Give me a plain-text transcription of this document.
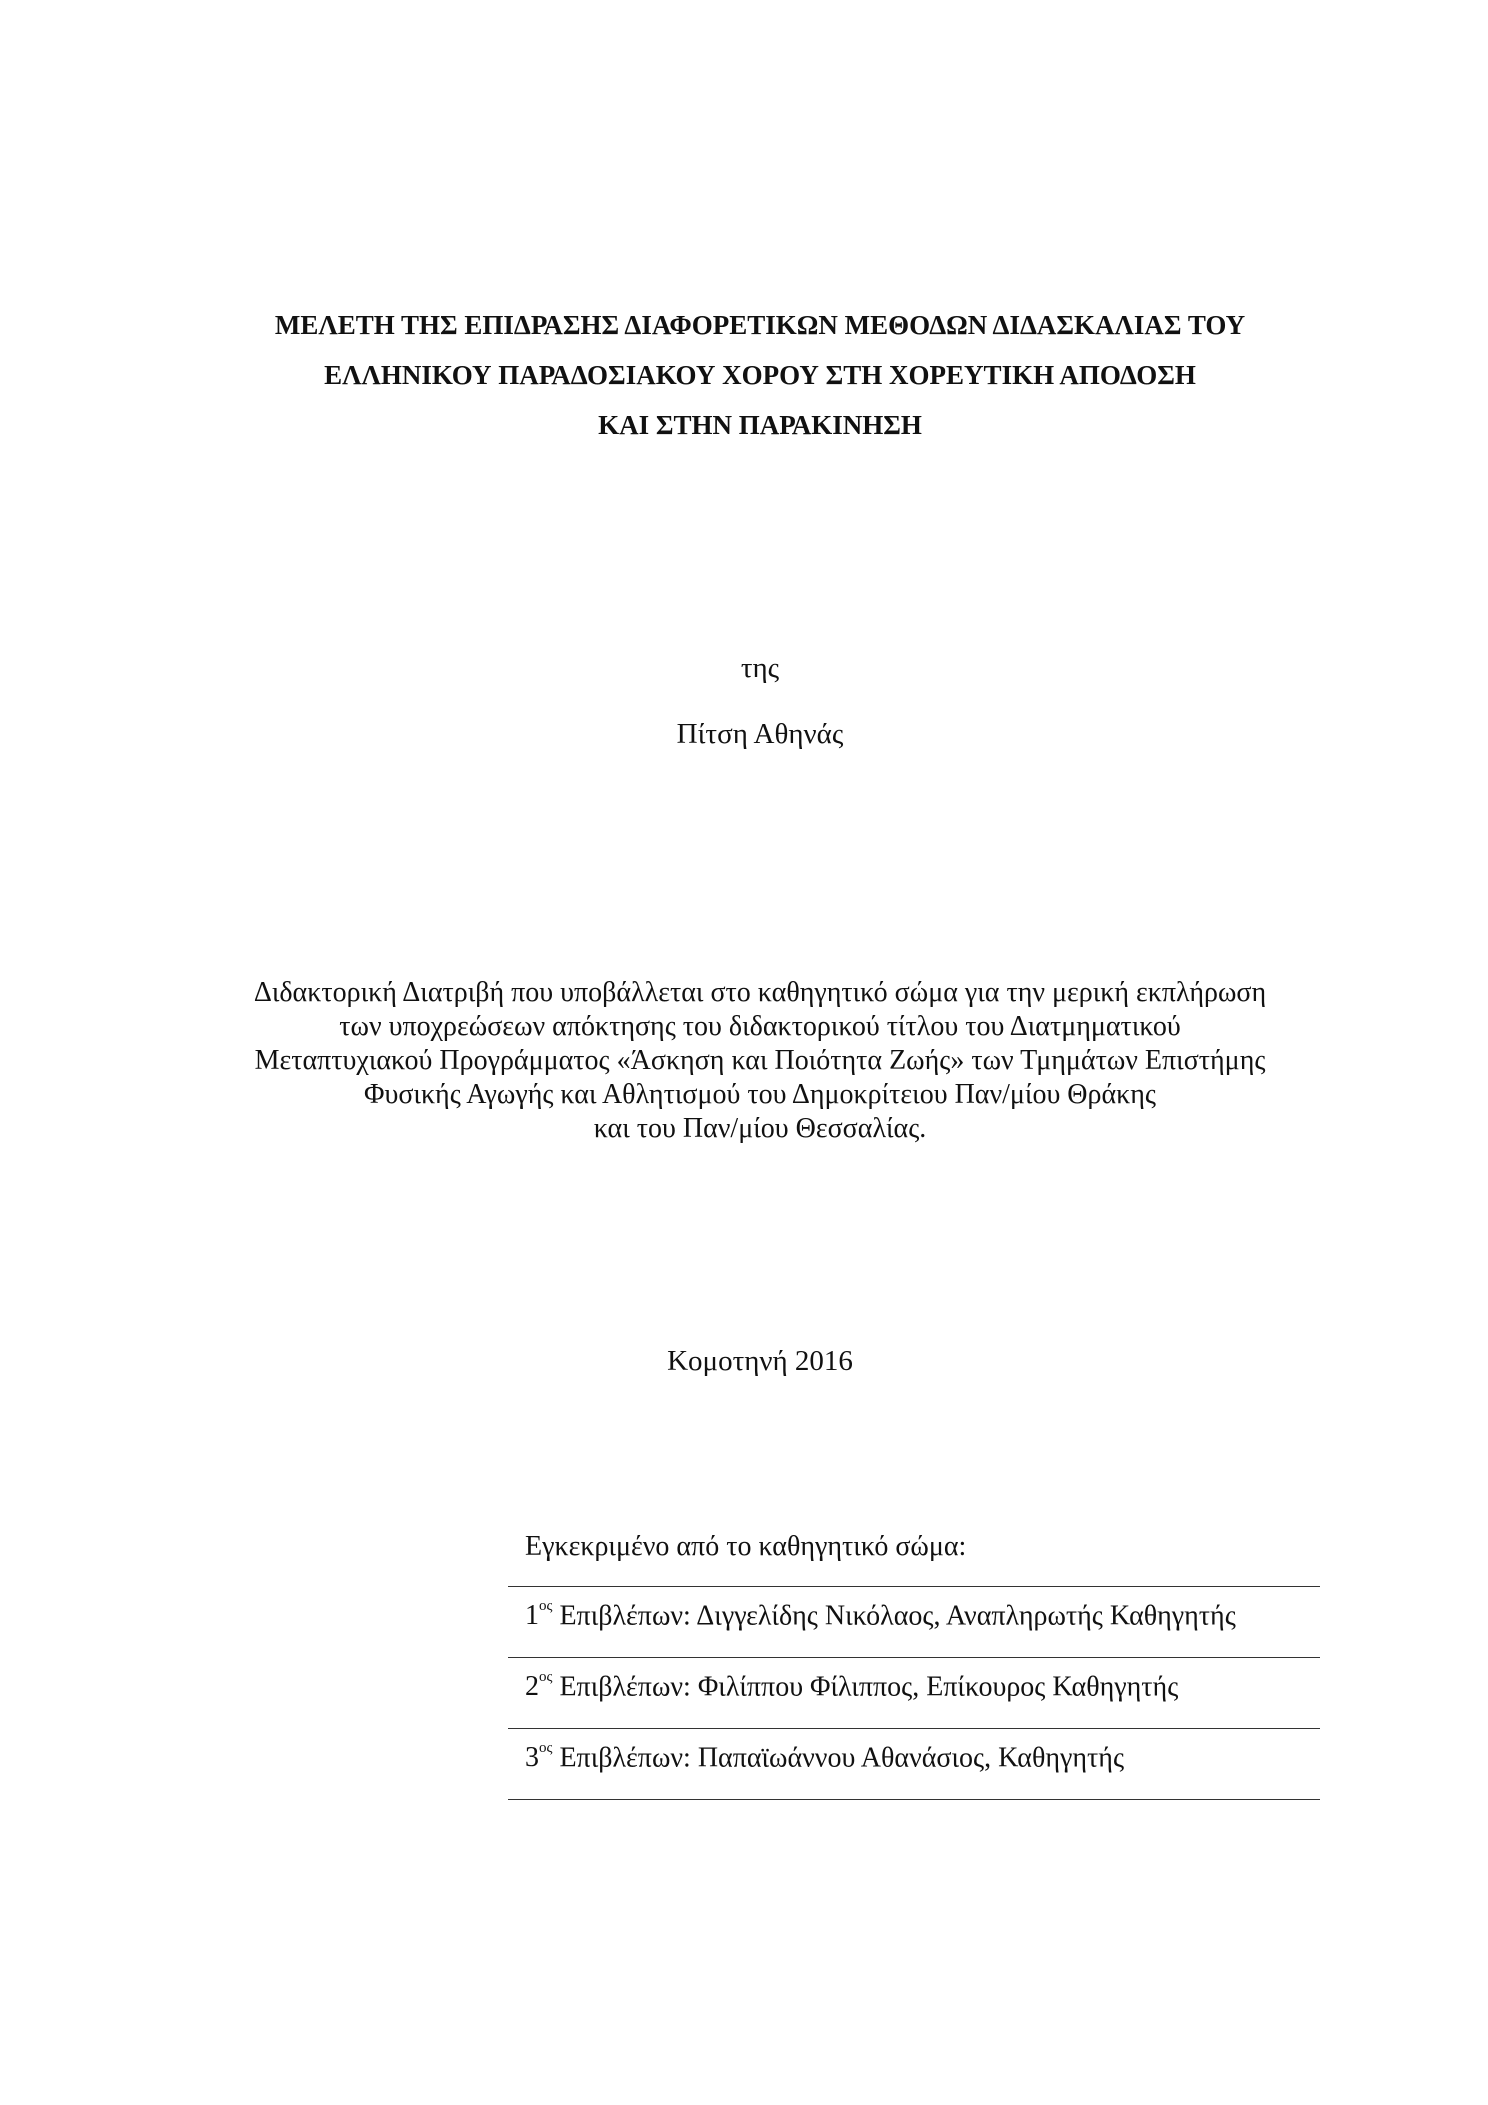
ΜΕΛΕΤΗ ΤΗΣ ΕΠΙΔΡΑΣΗΣ ΔΙΑΦΟΡΕΤΙΚΩΝ ΜΕΘΟΔΩΝ ΔΙΔΑΣΚΑΛΙΑΣ ΤΟΥ
ΕΛΛΗΝΙΚΟΥ ΠΑΡΑΔΟΣΙΑΚΟΥ ΧΟΡΟΥ ΣΤΗ ΧΟΡΕΥΤΙΚΗ ΑΠΟΔΟΣΗ
ΚΑΙ ΣΤΗΝ ΠΑΡΑΚΙΝΗΣΗ
της
Πίτση Αθηνάς
Διδακτορική Διατριβή που υποβάλλεται στο καθηγητικό σώμα για την μερική εκπλήρωση
των υποχρεώσεων απόκτησης του διδακτορικού τίτλου του Διατμηματικού
Μεταπτυχιακού Προγράμματος «Άσκηση και Ποιότητα Ζωής» των Τμημάτων Επιστήμης
Φυσικής Αγωγής και Αθλητισμού του Δημοκρίτειου Παν/μίου Θράκης
και του Παν/μίου Θεσσαλίας.
Κομοτηνή 2016
Εγκεκριμένο από το καθηγητικό σώμα:
$1^{o\varsigma}$ Επιβλέπων: Διγγελίδης Νικόλαος, Αναπληρωτής Καθηγητής
$2^{o\varsigma}$ Επιβλέπων: Φιλίππου Φίλιππος, Επίκουρος Καθηγητής
$3^{o\varsigma}$ Επιβλέπων: Παπαϊωάννου Αθανάσιος, Καθηγητής
